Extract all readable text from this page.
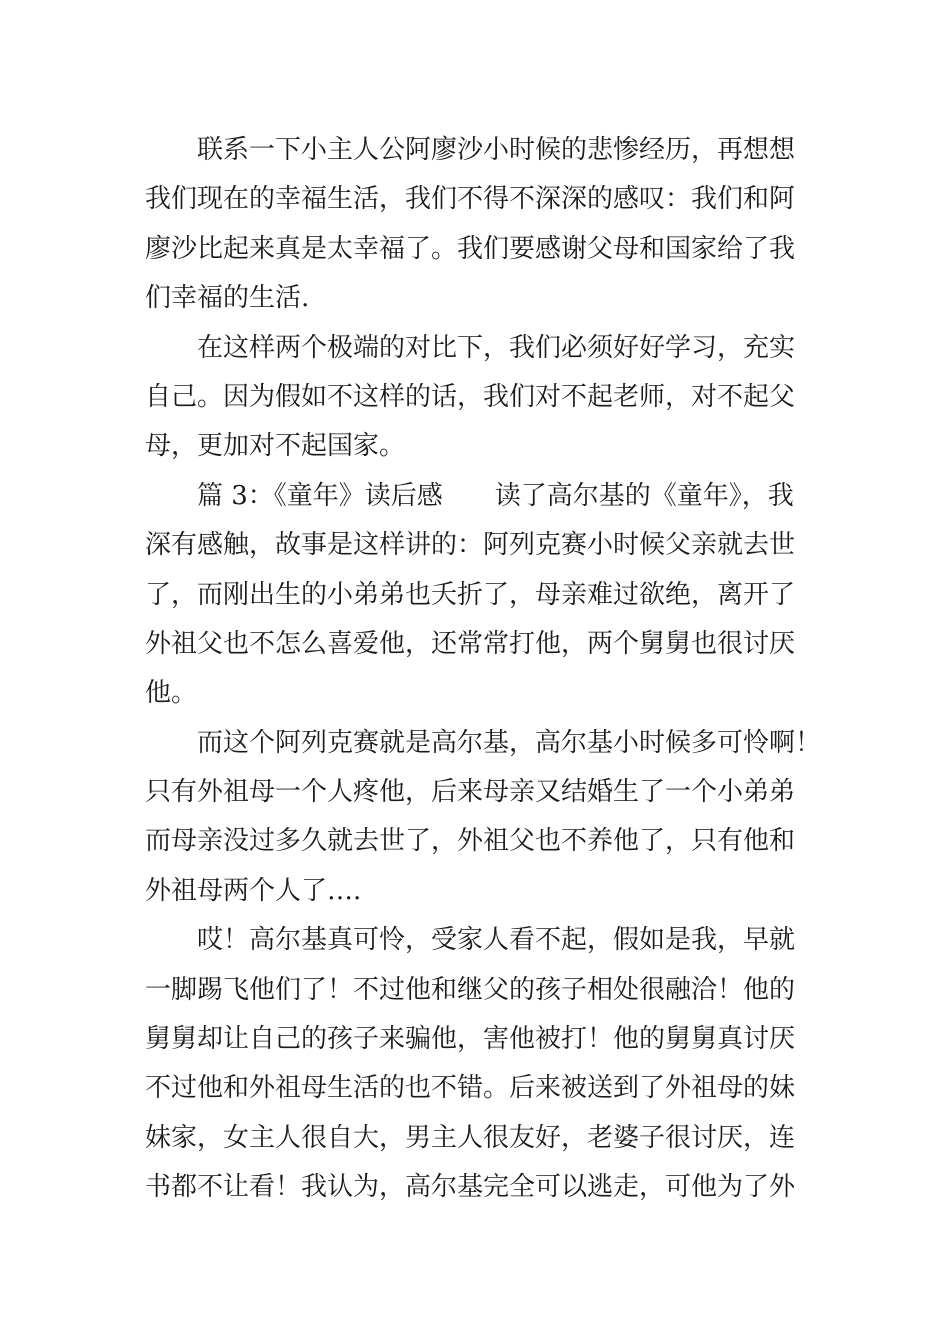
　　联系一下小主人公阿廖沙小时候的悲惨经历，再想想
我们现在的幸福生活，我们不得不深深的感叹：我们和阿
廖沙比起来真是太幸福了。我们要感谢父母和国家给了我
们幸福的生活.
　　在这样两个极端的对比下，我们必须好好学习，充实
自己。因为假如不这样的话，我们对不起老师，对不起父
母，更加对不起国家。
　　篇 3：《童年》读后感　　读了高尔基的《童年》，我
深有感触，故事是这样讲的：阿列克赛小时候父亲就去世
了，而刚出生的小弟弟也夭折了，母亲难过欲绝，离开了
外祖父也不怎么喜爱他，还常常打他，两个舅舅也很讨厌
他。
　　而这个阿列克赛就是高尔基，高尔基小时候多可怜啊！
只有外祖母一个人疼他，后来母亲又结婚生了一个小弟弟
而母亲没过多久就去世了，外祖父也不养他了，只有他和
外祖母两个人了….
　　哎！高尔基真可怜，受家人看不起，假如是我，早就
一脚踢飞他们了！不过他和继父的孩子相处很融洽！他的
舅舅却让自己的孩子来骗他，害他被打！他的舅舅真讨厌
不过他和外祖母生活的也不错。后来被送到了外祖母的妹
妹家，女主人很自大，男主人很友好，老婆子很讨厌，连
书都不让看！我认为，高尔基完全可以逃走，可他为了外
